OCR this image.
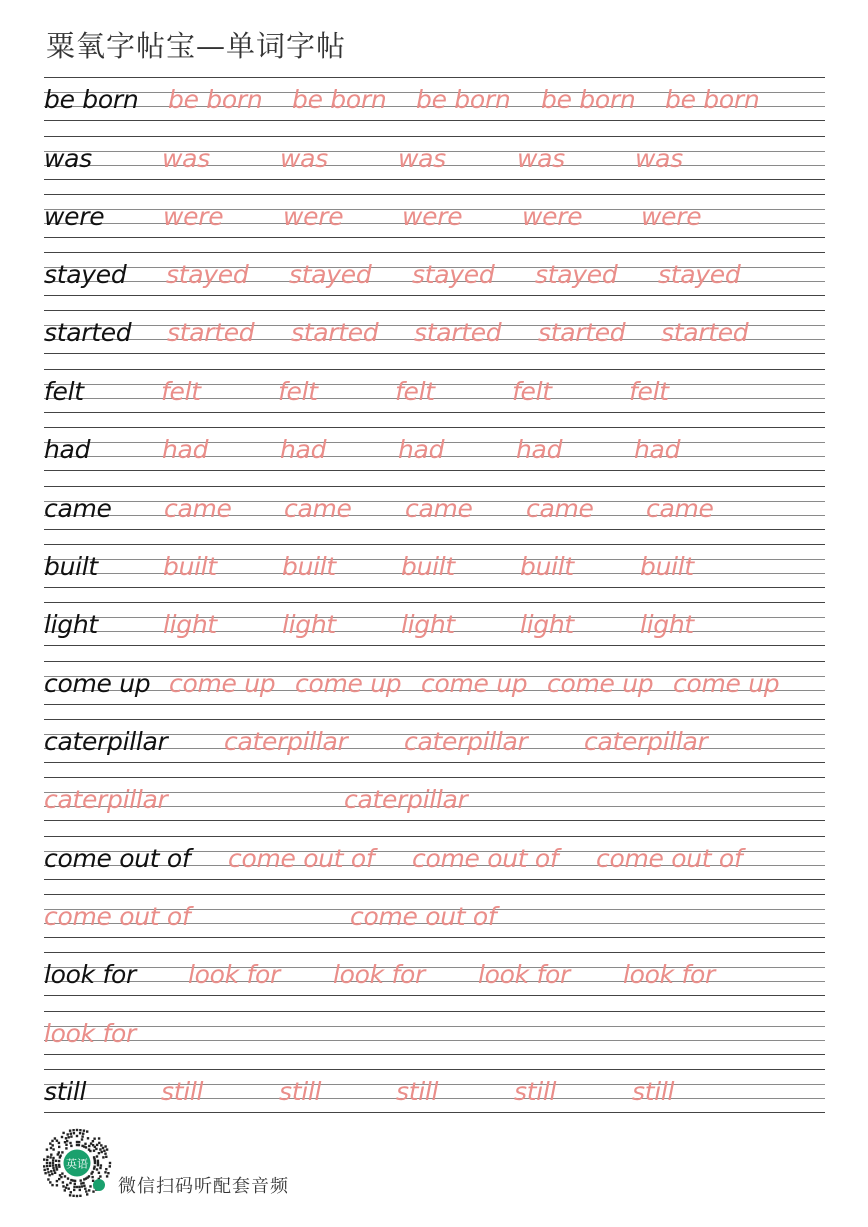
粟氧字帖宝—单词字帖
be born be born be born be born be born be born
was	was	was	was	was	was
were were were were were were
stayed stayed stayed stayed stayed stayed
started started started started started started
felt	felt	felt	felt	felt	felt
had	had	had	had	had	had
came came came came came came
built	built	built	built	built	built
light	light	light	light	light	light
come up come up come up come up come up come up
caterpillar caterpillar caterpillar caterpillar
caterpillar	caterpillar
come out of come out of come out of come out of
come out of	come out of
look for look for look for look for look for
look for
still	still	still	still	still	still
英语
微信扫码听配套音频
